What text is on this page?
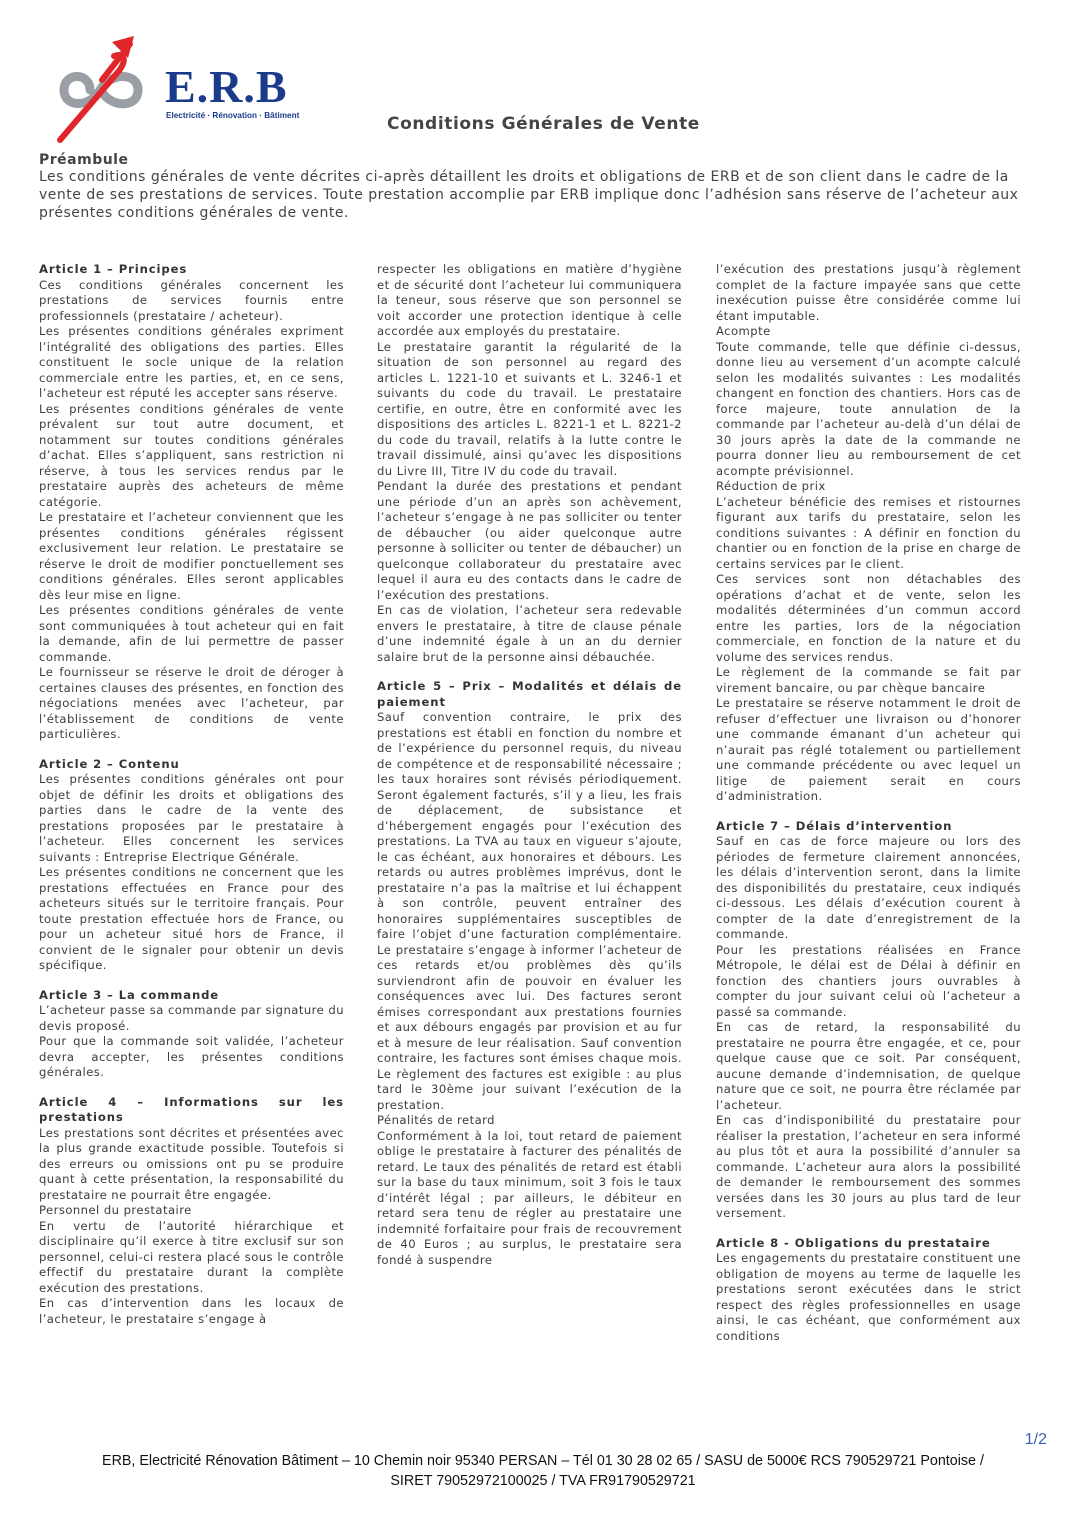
E.R.B
Electricité · Rénovation · Bâtiment	Conditions Générales de Vente
Préambule

Les conditions générales de vente décrites ci-après détaillent les droits et obligations de ERB et de son client dans le cadre de la vente de ses prestations de services. Toute prestation accomplie par ERB implique donc l’adhésion sans réserve de l’acheteur aux présentes conditions générales de vente.

Article 1 – Principes

Ces conditions générales concernent les prestations de services fournis entre professionnels (prestataire / acheteur).

Les présentes conditions générales expriment l’intégralité des obligations des parties. Elles constituent le socle unique de la relation commerciale entre les parties, et, en ce sens, l’acheteur est réputé les accepter sans réserve.

Les présentes conditions générales de vente prévalent sur tout autre document, et notamment sur toutes conditions générales d’achat. Elles s’appliquent, sans restriction ni réserve, à tous les services rendus par le prestataire auprès des acheteurs de même catégorie.

Le prestataire et l’acheteur conviennent que les présentes conditions générales régissent exclusivement leur relation. Le prestataire se réserve le droit de modifier ponctuellement ses conditions générales. Elles seront applicables dès leur mise en ligne.

Les présentes conditions générales de vente sont communiquées à tout acheteur qui en fait la demande, afin de lui permettre de passer commande.

Le fournisseur se réserve le droit de déroger à certaines clauses des présentes, en fonction des négociations menées avec l’acheteur, par l’établissement de conditions de vente particulières.

Article 2 – Contenu

Les présentes conditions générales ont pour objet de définir les droits et obligations des parties dans le cadre de la vente des prestations proposées par le prestataire à l’acheteur. Elles concernent les services suivants : Entreprise Electrique Générale.

Les présentes conditions ne concernent que les prestations effectuées en France pour des acheteurs situés sur le territoire français. Pour toute prestation effectuée hors de France, ou pour un acheteur situé hors de France, il convient de le signaler pour obtenir un devis spécifique.

Article 3 – La commande

L’acheteur passe sa commande par signature du devis proposé.

Pour que la commande soit validée, l’acheteur devra accepter, les présentes conditions générales.

Article 4 – Informations sur les prestations

Les prestations sont décrites et présentées avec la plus grande exactitude possible. Toutefois si des erreurs ou omissions ont pu se produire quant à cette présentation, la responsabilité du prestataire ne pourrait être engagée.

Personnel du prestataire

En vertu de l’autorité hiérarchique et disciplinaire qu’il exerce à titre exclusif sur son personnel, celui-ci restera placé sous le contrôle effectif du prestataire durant la complète exécution des prestations.

En cas d’intervention dans les locaux de l’acheteur, le prestataire s’engage à

respecter les obligations en matière d’hygiène et de sécurité dont l’acheteur lui communiquera la teneur, sous réserve que son personnel se voit accorder une protection identique à celle accordée aux employés du prestataire.

Le prestataire garantit la régularité de la situation de son personnel au regard des articles L. 1221-10 et suivants et L. 3246-1 et suivants du code du travail. Le prestataire certifie, en outre, être en conformité avec les dispositions des articles L. 8221-1 et L. 8221-2 du code du travail, relatifs à la lutte contre le travail dissimulé, ainsi qu’avec les dispositions du Livre III, Titre IV du code du travail.

Pendant la durée des prestations et pendant une période d’un an après son achèvement, l’acheteur s’engage à ne pas solliciter ou tenter de débaucher (ou aider quelconque autre personne à solliciter ou tenter de débaucher) un quelconque collaborateur du prestataire avec lequel il aura eu des contacts dans le cadre de l’exécution des prestations.

En cas de violation, l’acheteur sera redevable envers le prestataire, à titre de clause pénale d’une indemnité égale à un an du dernier salaire brut de la personne ainsi débauchée.

Article 5 – Prix – Modalités et délais de paiement

Sauf convention contraire, le prix des prestations est établi en fonction du nombre et de l’expérience du personnel requis, du niveau de compétence et de responsabilité nécessaire ; les taux horaires sont révisés périodiquement. Seront également facturés, s’il y a lieu, les frais de déplacement, de subsistance et d’hébergement engagés pour l’exécution des prestations. La TVA au taux en vigueur s’ajoute, le cas échéant, aux honoraires et débours. Les retards ou autres problèmes imprévus, dont le prestataire n’a pas la maîtrise et lui échappent à son contrôle, peuvent entraîner des honoraires supplémentaires susceptibles de faire l’objet d’une facturation complémentaire. Le prestataire s’engage à informer l’acheteur de ces retards et/ou problèmes dès qu’ils surviendront afin de pouvoir en évaluer les conséquences avec lui. Des factures seront émises correspondant aux prestations fournies et aux débours engagés par provision et au fur et à mesure de leur réalisation. Sauf convention contraire, les factures sont émises chaque mois. Le règlement des factures est exigible : au plus tard le 30ème jour suivant l’exécution de la prestation.

Pénalités de retard

Conformément à la loi, tout retard de paiement oblige le prestataire à facturer des pénalités de retard. Le taux des pénalités de retard est établi sur la base du taux minimum, soit 3 fois le taux d’intérêt légal ; par ailleurs, le débiteur en retard sera tenu de régler au prestataire une indemnité forfaitaire pour frais de recouvrement de 40 Euros ; au surplus, le prestataire sera fondé à suspendre

l’exécution des prestations jusqu’à règlement complet de la facture impayée sans que cette inexécution puisse être considérée comme lui étant imputable.

Acompte

Toute commande, telle que définie ci-dessus, donne lieu au versement d’un acompte calculé selon les modalités suivantes : Les modalités changent en fonction des chantiers. Hors cas de force majeure, toute annulation de la commande par l’acheteur au-delà d’un délai de 30 jours après la date de la commande ne pourra donner lieu au remboursement de cet acompte prévisionnel.

Réduction de prix

L’acheteur bénéficie des remises et ristournes figurant aux tarifs du prestataire, selon les conditions suivantes : A définir en fonction du chantier ou en fonction de la prise en charge de certains services par le client.

Ces services sont non détachables des opérations d’achat et de vente, selon les modalités déterminées d’un commun accord entre les parties, lors de la négociation commerciale, en fonction de la nature et du volume des services rendus.

Le règlement de la commande se fait par virement bancaire, ou par chèque bancaire

Le prestataire se réserve notamment le droit de refuser d’effectuer une livraison ou d’honorer une commande émanant d’un acheteur qui n’aurait pas réglé totalement ou partiellement une commande précédente ou avec lequel un litige de paiement serait en cours d’administration.

Article 7 – Délais d’intervention

Sauf en cas de force majeure ou lors des périodes de fermeture clairement annoncées, les délais d’intervention seront, dans la limite des disponibilités du prestataire, ceux indiqués ci-dessous. Les délais d’exécution courent à compter de la date d’enregistrement de la commande.

Pour les prestations réalisées en France Métropole, le délai est de Délai à définir en fonction des chantiers jours ouvrables à compter du jour suivant celui où l’acheteur a passé sa commande.

En cas de retard, la responsabilité du prestataire ne pourra être engagée, et ce, pour quelque cause que ce soit. Par conséquent, aucune demande d’indemnisation, de quelque nature que ce soit, ne pourra être réclamée par l’acheteur.

En cas d’indisponibilité du prestataire pour réaliser la prestation, l’acheteur en sera informé au plus tôt et aura la possibilité d’annuler sa commande. L’acheteur aura alors la possibilité de demander le remboursement des sommes versées dans les 30 jours au plus tard de leur versement.

Article 8 - Obligations du prestataire

Les engagements du prestataire constituent une obligation de moyens au terme de laquelle les prestations seront exécutées dans le strict respect des règles professionnelles en usage ainsi, le cas échéant, que conformément aux conditions

1/2
ERB, Electricité Rénovation Bâtiment – 10 Chemin noir 95340 PERSAN – Tél 01 30 28 02 65 / SASU de 5000€ RCS 790529721 Pontoise /
SIRET 79052972100025 / TVA FR91790529721
